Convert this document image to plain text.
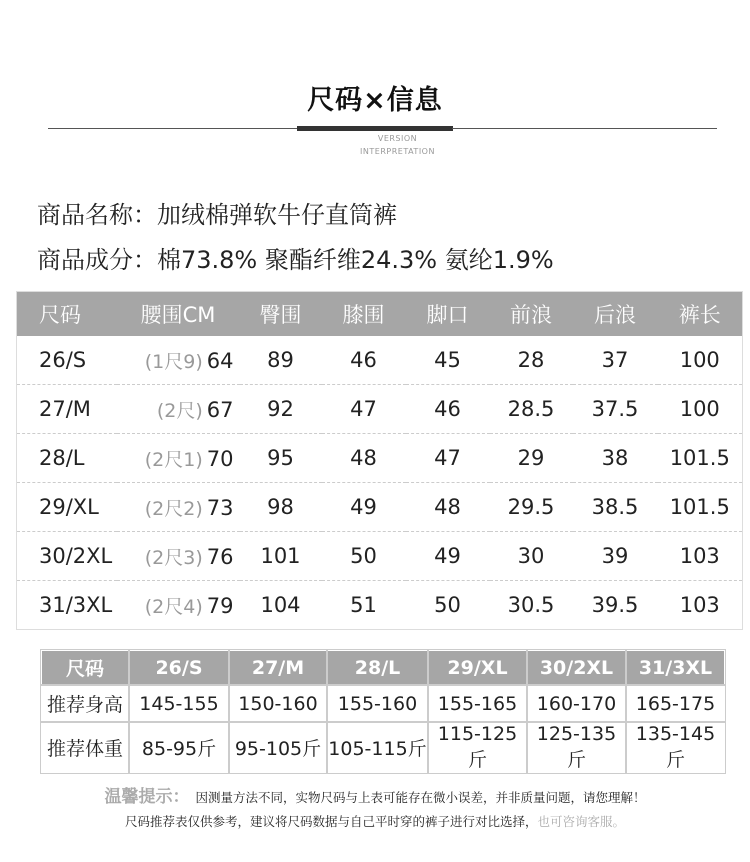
尺码×信息
VERSION
INTERPRETATION
商品名称：加绒棉弹软牛仔直筒裤
商品成分：棉73.8% 聚酯纤维24.3% 氨纶1.9%
尺码	腰围CM	臀围	膝围	脚口	前浪	后浪	裤长
26/S	(1尺9) 64	89	46	45	28	37	100
27/M	(2尺) 67	92	47	46	28.5	37.5	100
28/L	(2尺1) 70	95	48	47	29	38	101.5
29/XL	(2尺2) 73	98	49	48	29.5	38.5	101.5
30/2XL	(2尺3) 76	101	50	49	30	39	103
31/3XL	(2尺4) 79	104	51	50	30.5	39.5	103
尺码	26/S	27/M	28/L	29/XL	30/2XL	31/3XL
推荐身高	145-155	150-160	155-160	155-165	160-170	165-175
推荐体重	85-95斤	95-105斤	105-115斤	115-125斤	125-135斤	135-145斤
温馨提示： 因测量方法不同，实物尺码与上表可能存在微小误差，并非质量问题，请您理解！
尺码推荐表仅供参考，建议将尺码数据与自己平时穿的裤子进行对比选择，也可咨询客服。
